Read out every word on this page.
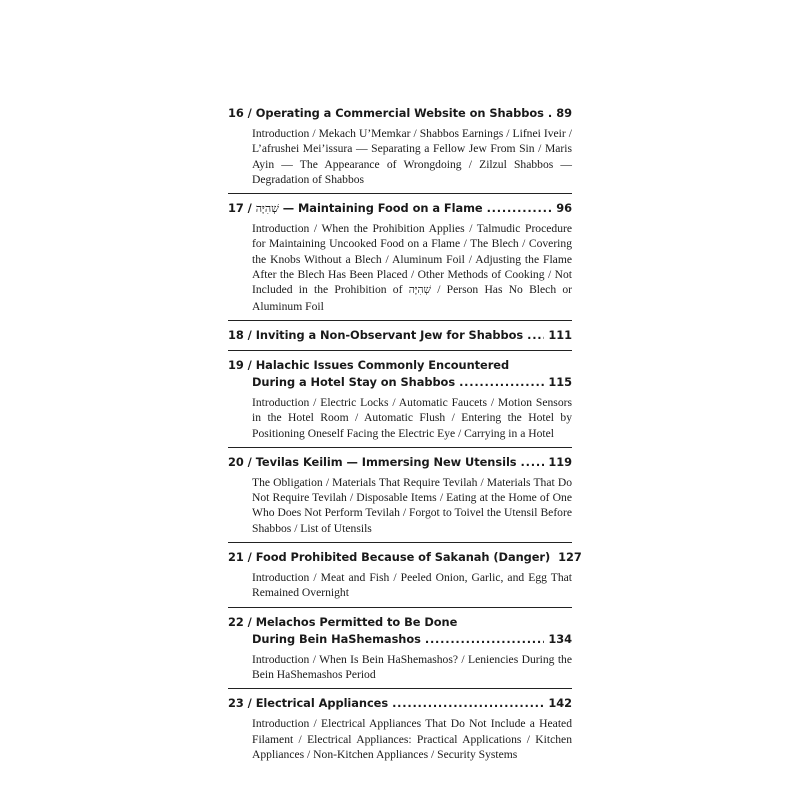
16 /
Operating a Commercial Website on Shabbos . . . 89
Introduction / Mekach U’Memkar / Shabbos Earnings / Lifnei Iveir / L’afrushei Mei’issura — Separating a Fellow Jew From Sin / Maris Ayin — The Appearance of Wrongdoing / Zilzul Shabbos — Degradation of Shabbos
17 /
שְׁהִיָּה
— Maintaining Food on a Flame . . .	96
Introduction / When the Prohibition Applies / Talmudic Procedure for Maintaining Uncooked Food on a Flame / The Blech / Covering the Knobs Without a Blech / Aluminum Foil / Adjusting the Flame After the Blech Has Been Placed / Other Methods of Cooking / Not Included in the Prohibition of שְׁהִיָּה / Person Has No Blech or Aluminum Foil
18 /
Inviting a Non-Observant Jew for Shabbos . . . 111
19 /
Halachic Issues Commonly Encountered
During a Hotel Stay on Shabbos . . .	115
Introduction / Electric Locks / Automatic Faucets / Motion Sensors in the Hotel Room / Automatic Flush / Entering the Hotel by Positioning Oneself Facing the Electric Eye / Carrying in a Hotel
20 /
Tevilas Keilim — Immersing New Utensils . . .	119
The Obligation / Materials That Require Tevilah / Materials That Do Not Require Tevilah / Disposable Items / Eating at the Home of One Who Does Not Perform Tevilah / Forgot to Toivel the Utensil Before Shabbos / List of Utensils
21 /
Food Prohibited Because of Sakanah (Danger) 127
Introduction / Meat and Fish / Peeled Onion, Garlic, and Egg That Remained Overnight
22 /
Melachos Permitted to Be Done
During Bein HaShemashos . . .	134
Introduction / When Is Bein HaShemashos? / Leniencies During the Bein HaShemashos Period
23 /
Electrical Appliances . . .	142
Introduction / Electrical Appliances That Do Not Include a Heated Filament / Electrical Appliances: Practical Applications / Kitchen Appliances / Non-Kitchen Appliances / Security Systems
